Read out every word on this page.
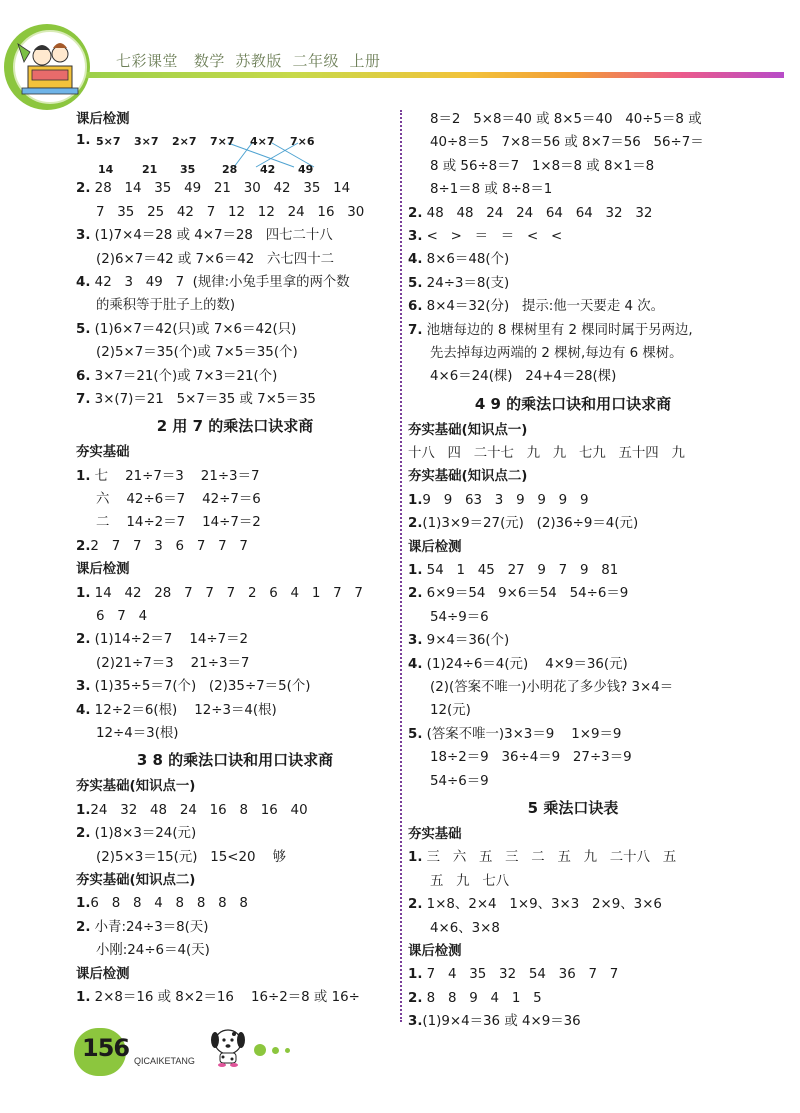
七彩课堂 数学 苏教版 二年级 上册
课后检测
1. 5×7 3×7 2×7 7×7 4×7 7×6
14	21 35 28 42 49
2. 28   14   35   49   21   30   42   35   14
7   35   25   42   7   12   12   24   16   30
3. (1)7×4＝28 或 4×7＝28   四七二十八
(2)6×7＝42 或 7×6＝42   六七四十二
4. 42   3   49   7  (规律:小兔手里拿的两个数
的乘积等于肚子上的数)
5. (1)6×7＝42(只)或 7×6＝42(只)
(2)5×7＝35(个)或 7×5＝35(个)
6. 3×7＝21(个)或 7×3＝21(个)
7. 3×(7)＝21   5×7＝35 或 7×5＝35
2 用 7 的乘法口诀求商
夯实基础
1. 七    21÷7＝3    21÷3＝7
六    42÷6＝7    42÷7＝6
二    14÷2＝7    14÷7＝2
2.2   7   7   3   6   7   7   7
课后检测
1. 14   42   28   7   7   7   2   6   4   1   7   7
6   7   4
2. (1)14÷2＝7    14÷7＝2
(2)21÷7＝3    21÷3＝7
3. (1)35÷5＝7(个)   (2)35÷7＝5(个)
4. 12÷2＝6(根)    12÷3＝4(根)
12÷4＝3(根)
3 8 的乘法口诀和用口诀求商
夯实基础(知识点一)
1.24   32   48   24   16   8   16   40
2. (1)8×3＝24(元)
(2)5×3＝15(元)   15<20    够
夯实基础(知识点二)
1.6   8   8   4   8   8   8   8
2. 小青:24÷3＝8(天)
小刚:24÷6＝4(天)
课后检测
1. 2×8＝16 或 8×2＝16    16÷2＝8 或 16÷
8＝2   5×8＝40 或 8×5＝40   40÷5＝8 或
40÷8＝5   7×8＝56 或 8×7＝56   56÷7＝
8 或 56÷8＝7   1×8＝8 或 8×1＝8
8÷1＝8 或 8÷8＝1
2. 48   48   24   24   64   64   32   32
3. <   >   ＝   ＝   <   <
4. 8×6＝48(个)
5. 24÷3＝8(支)
6. 8×4＝32(分)   提示:他一天要走 4 次。
7. 池塘每边的 8 棵树里有 2 棵同时属于另两边,
先去掉每边两端的 2 棵树,每边有 6 棵树。
4×6＝24(棵)   24+4＝28(棵)
4 9 的乘法口诀和用口诀求商
夯实基础(知识点一)
十八   四   二十七   九   九   七九   五十四   九
夯实基础(知识点二)
1.9   9   63   3   9   9   9   9
2.(1)3×9＝27(元)   (2)36÷9＝4(元)
课后检测
1. 54   1   45   27   9   7   9   81
2. 6×9＝54   9×6＝54   54÷6＝9
54÷9＝6
3. 9×4＝36(个)
4. (1)24÷6＝4(元)    4×9＝36(元)
(2)(答案不唯一)小明花了多少钱? 3×4＝
12(元)
5. (答案不唯一)3×3＝9    1×9＝9
18÷2＝9   36÷4＝9   27÷3＝9
54÷6＝9
5 乘法口诀表
夯实基础
1. 三   六   五   三   二   五   九   二十八   五
五   九   七八
2. 1×8、2×4   1×9、3×3   2×9、3×6
4×6、3×8
课后检测
1. 7   4   35   32   54   36   7   7
2. 8   8   9   4   1   5
3.(1)9×4＝36 或 4×9＝36
156 QICAIKETANG
